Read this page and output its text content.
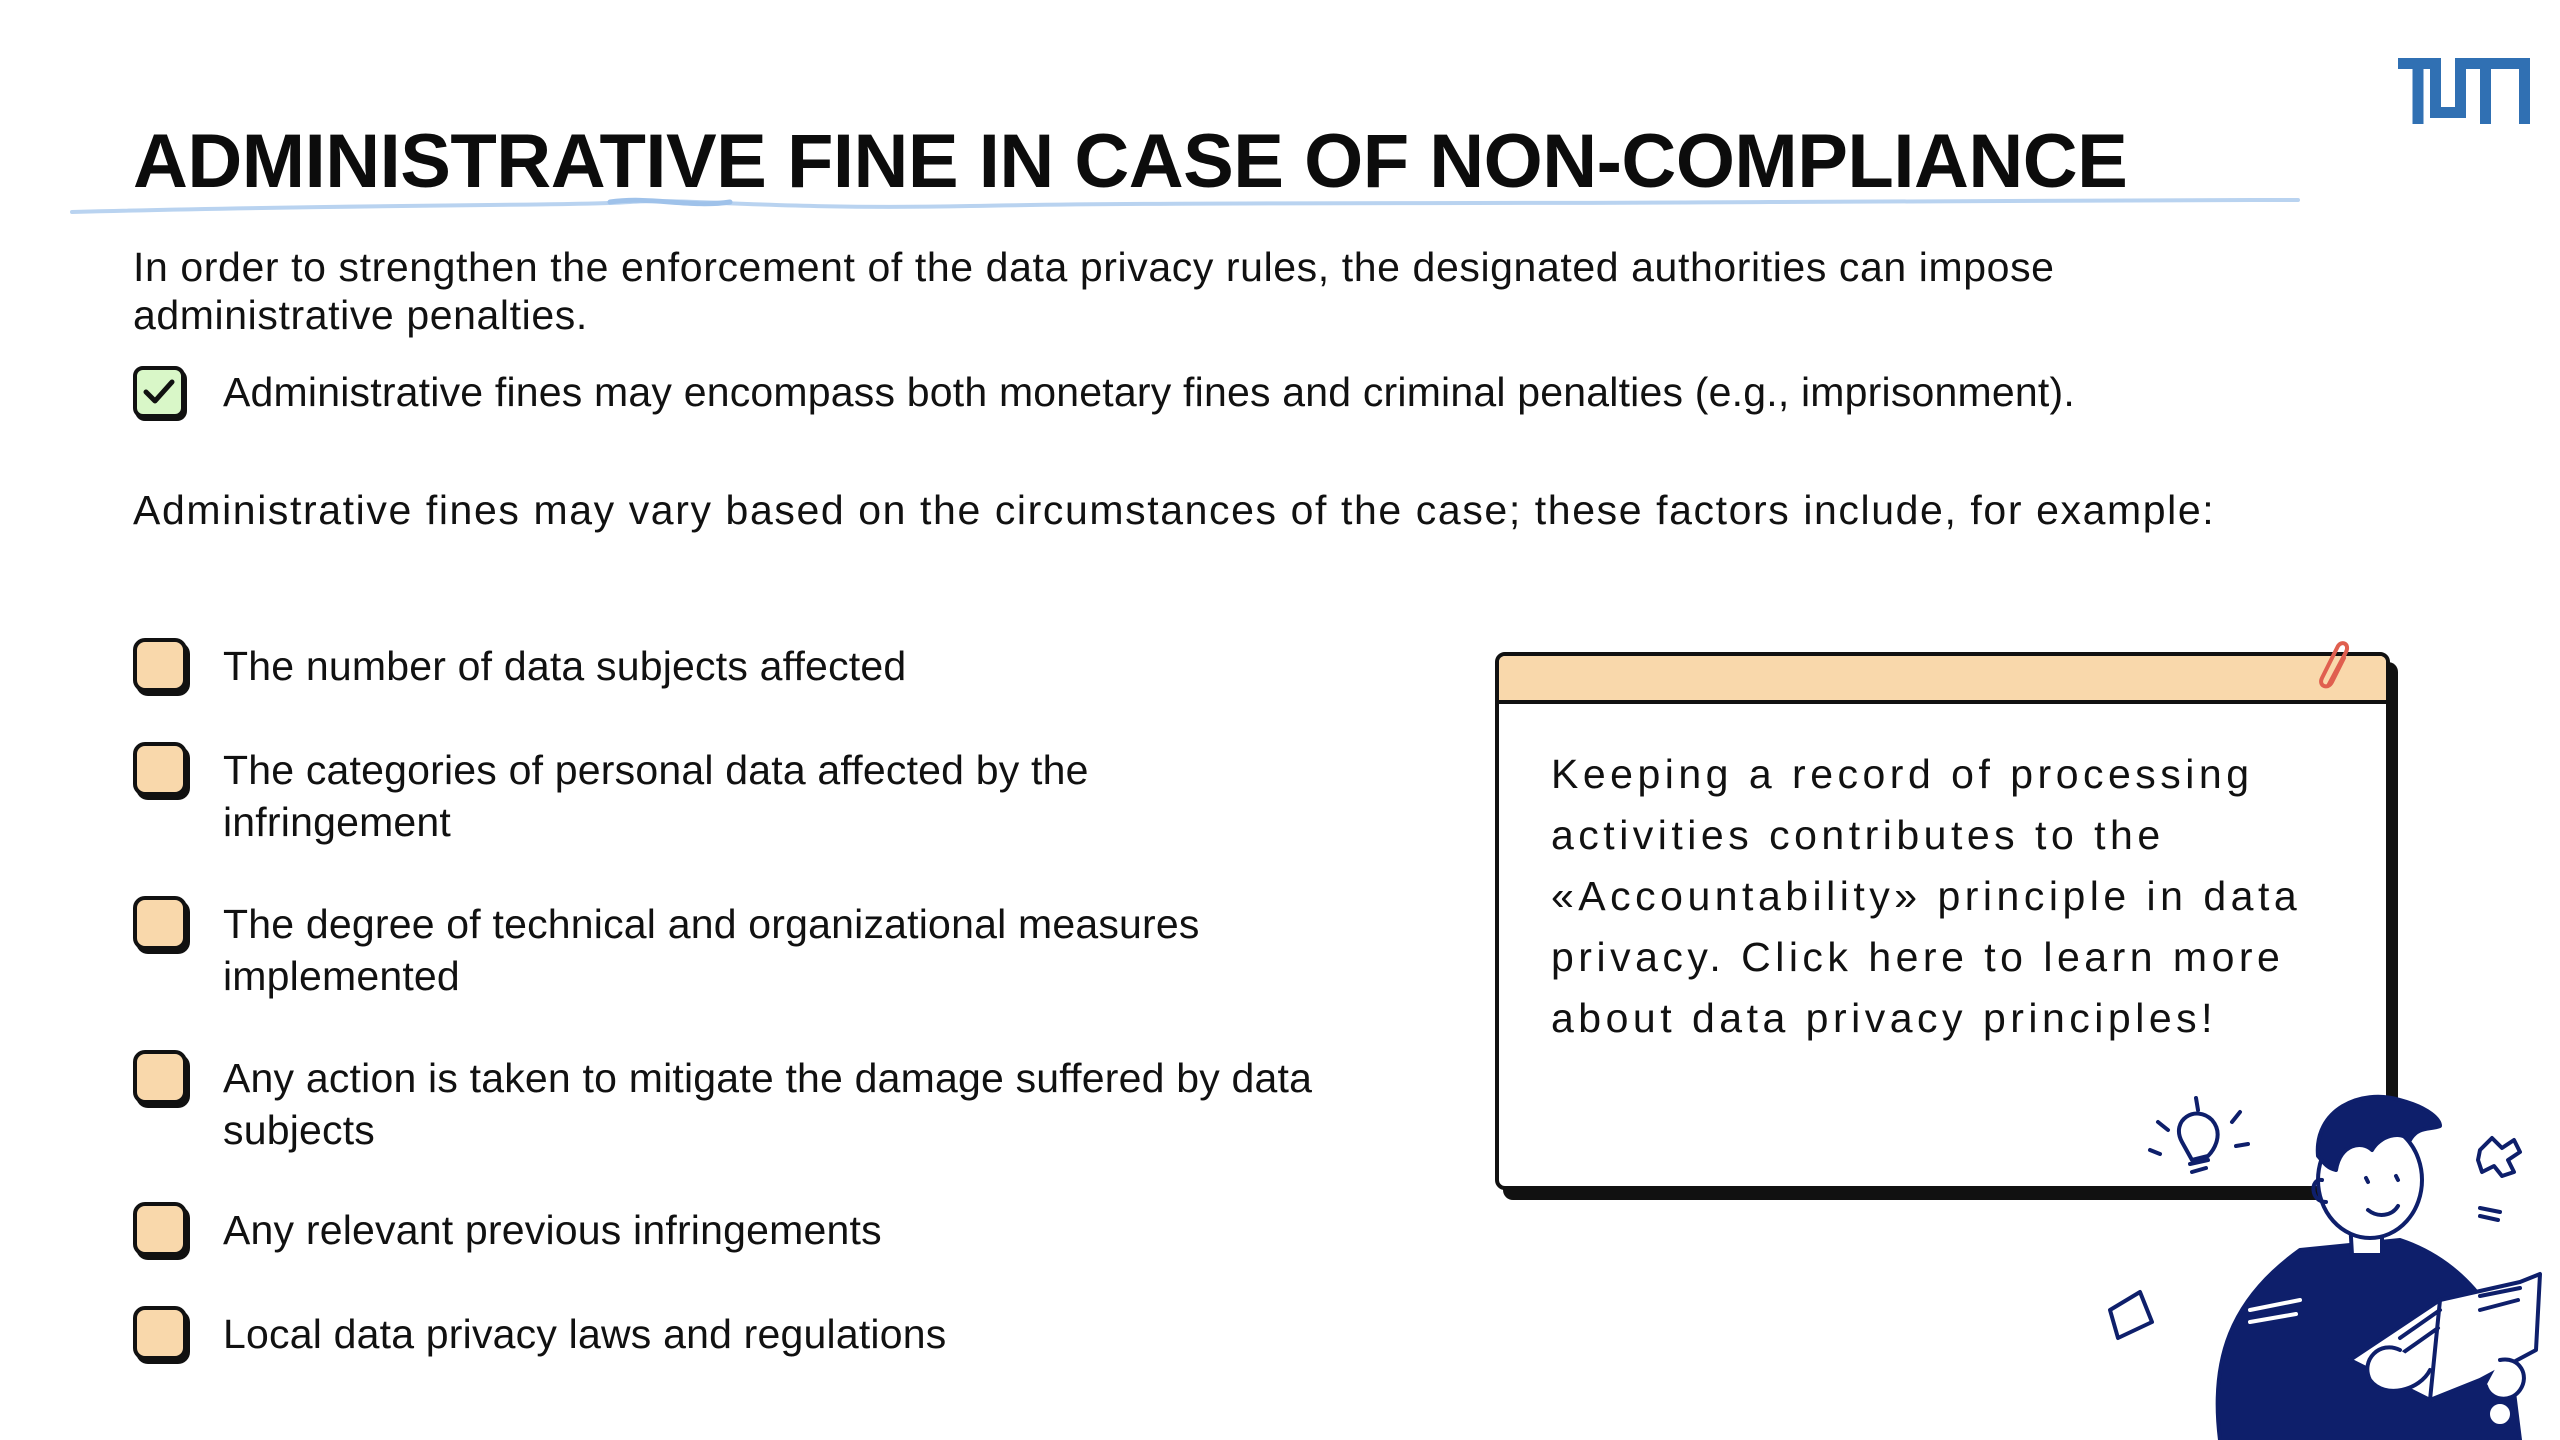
ADMINISTRATIVE FINE IN CASE OF NON-COMPLIANCE

In order to strengthen the enforcement of the data privacy rules, the designated authorities can impose administrative penalties.

Administrative fines may encompass both monetary fines and criminal penalties (e.g., imprisonment).

Administrative fines may vary based on the circumstances of the case; these factors include, for example:

The number of data subjects affected
The categories of personal data affected by the infringement
The degree of technical and organizational measures implemented
Any action is taken to mitigate the damage suffered by data subjects
Any relevant previous infringements
Local data privacy laws and regulations

Keeping a record of processing activities contributes to the «Accountability» principle in data privacy. Click here to learn more about data privacy principles!
